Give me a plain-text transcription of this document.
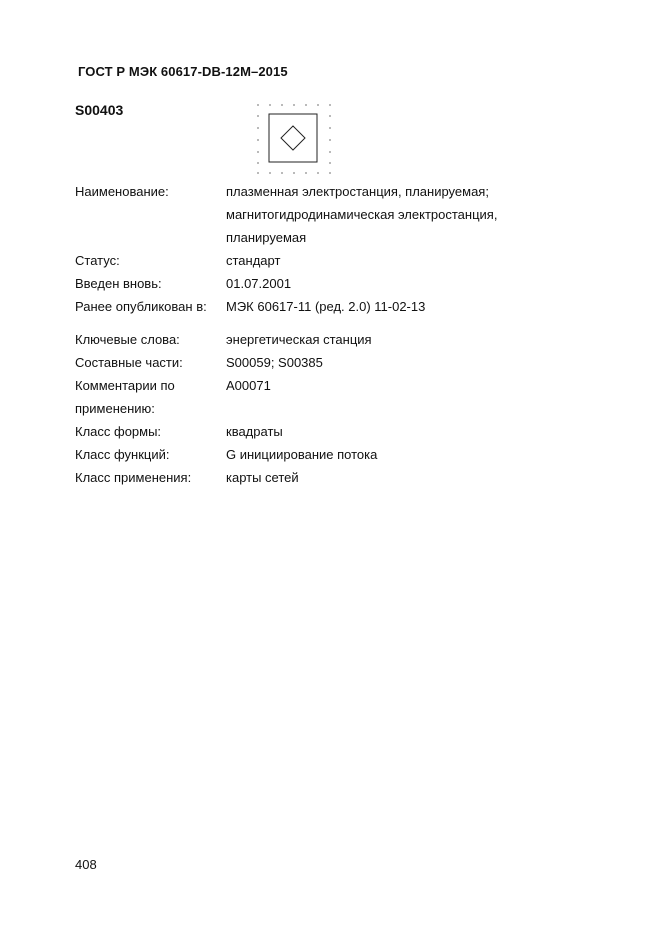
ГОСТ Р МЭК 60617-DB-12M–2015
S00403
Наименование:	плазменная электростанция, планируемая; магнитогидродинамическая электростанция, планируемая
Статус:	стандарт
Введен вновь:	01.07.2001
Ранее опубликован в:	МЭК 60617-11 (ред. 2.0) 11-02-13
Ключевые слова:	энергетическая станция
Составные части:	S00059; S00385
Комментарии по применению:
A00071
Класс формы:	квадраты
Класс функций:	G инициирование потока
Класс применения:	карты сетей
408
